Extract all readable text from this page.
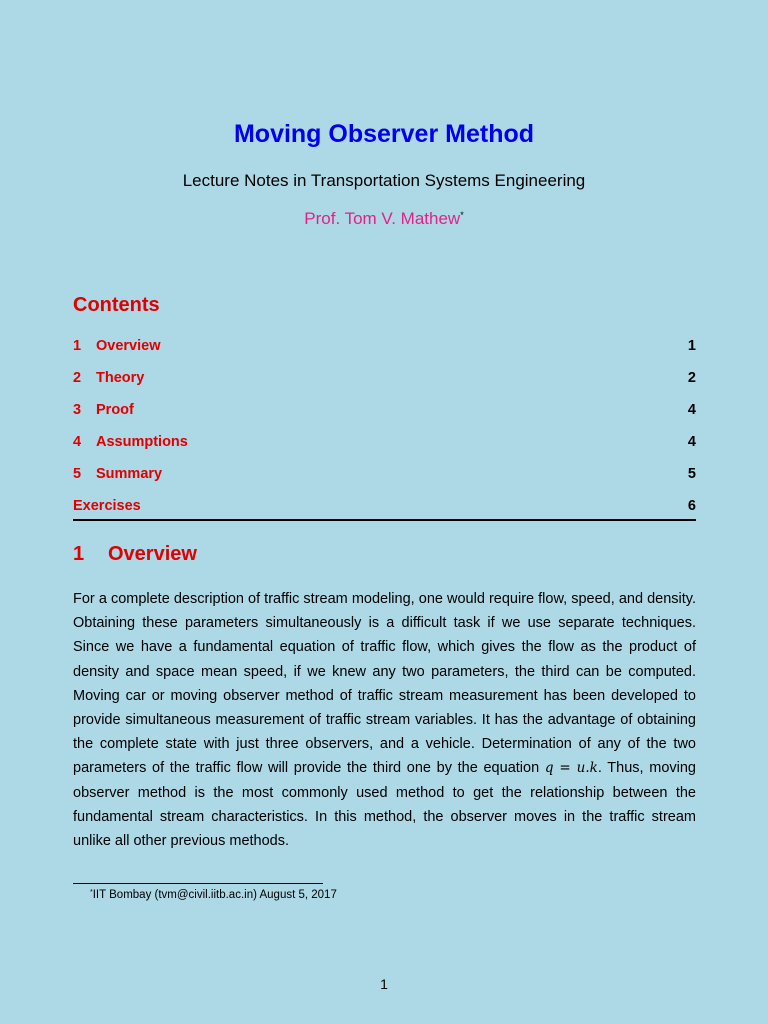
Moving Observer Method
Lecture Notes in Transportation Systems Engineering
Prof. Tom V. Mathew*
Contents
1	Overview	1
2	Theory	2
3	Proof	4
4	Assumptions	4
5	Summary	5
Exercises	6
1 Overview
For a complete description of traffic stream modeling, one would require flow, speed, and density. Obtaining these parameters simultaneously is a difficult task if we use separate techniques. Since we have a fundamental equation of traffic flow, which gives the flow as the product of density and space mean speed, if we knew any two parameters, the third can be computed. Moving car or moving observer method of traffic stream measurement has been developed to provide simultaneous measurement of traffic stream variables. It has the advantage of obtaining the complete state with just three observers, and a vehicle. Determination of any of the two parameters of the traffic flow will provide the third one by the equation q = u.k. Thus, moving observer method is the most commonly used method to get the relationship between the fundamental stream characteristics. In this method, the observer moves in the traffic stream unlike all other previous methods.
*IIT Bombay (tvm@civil.iitb.ac.in) August 5, 2017
1
